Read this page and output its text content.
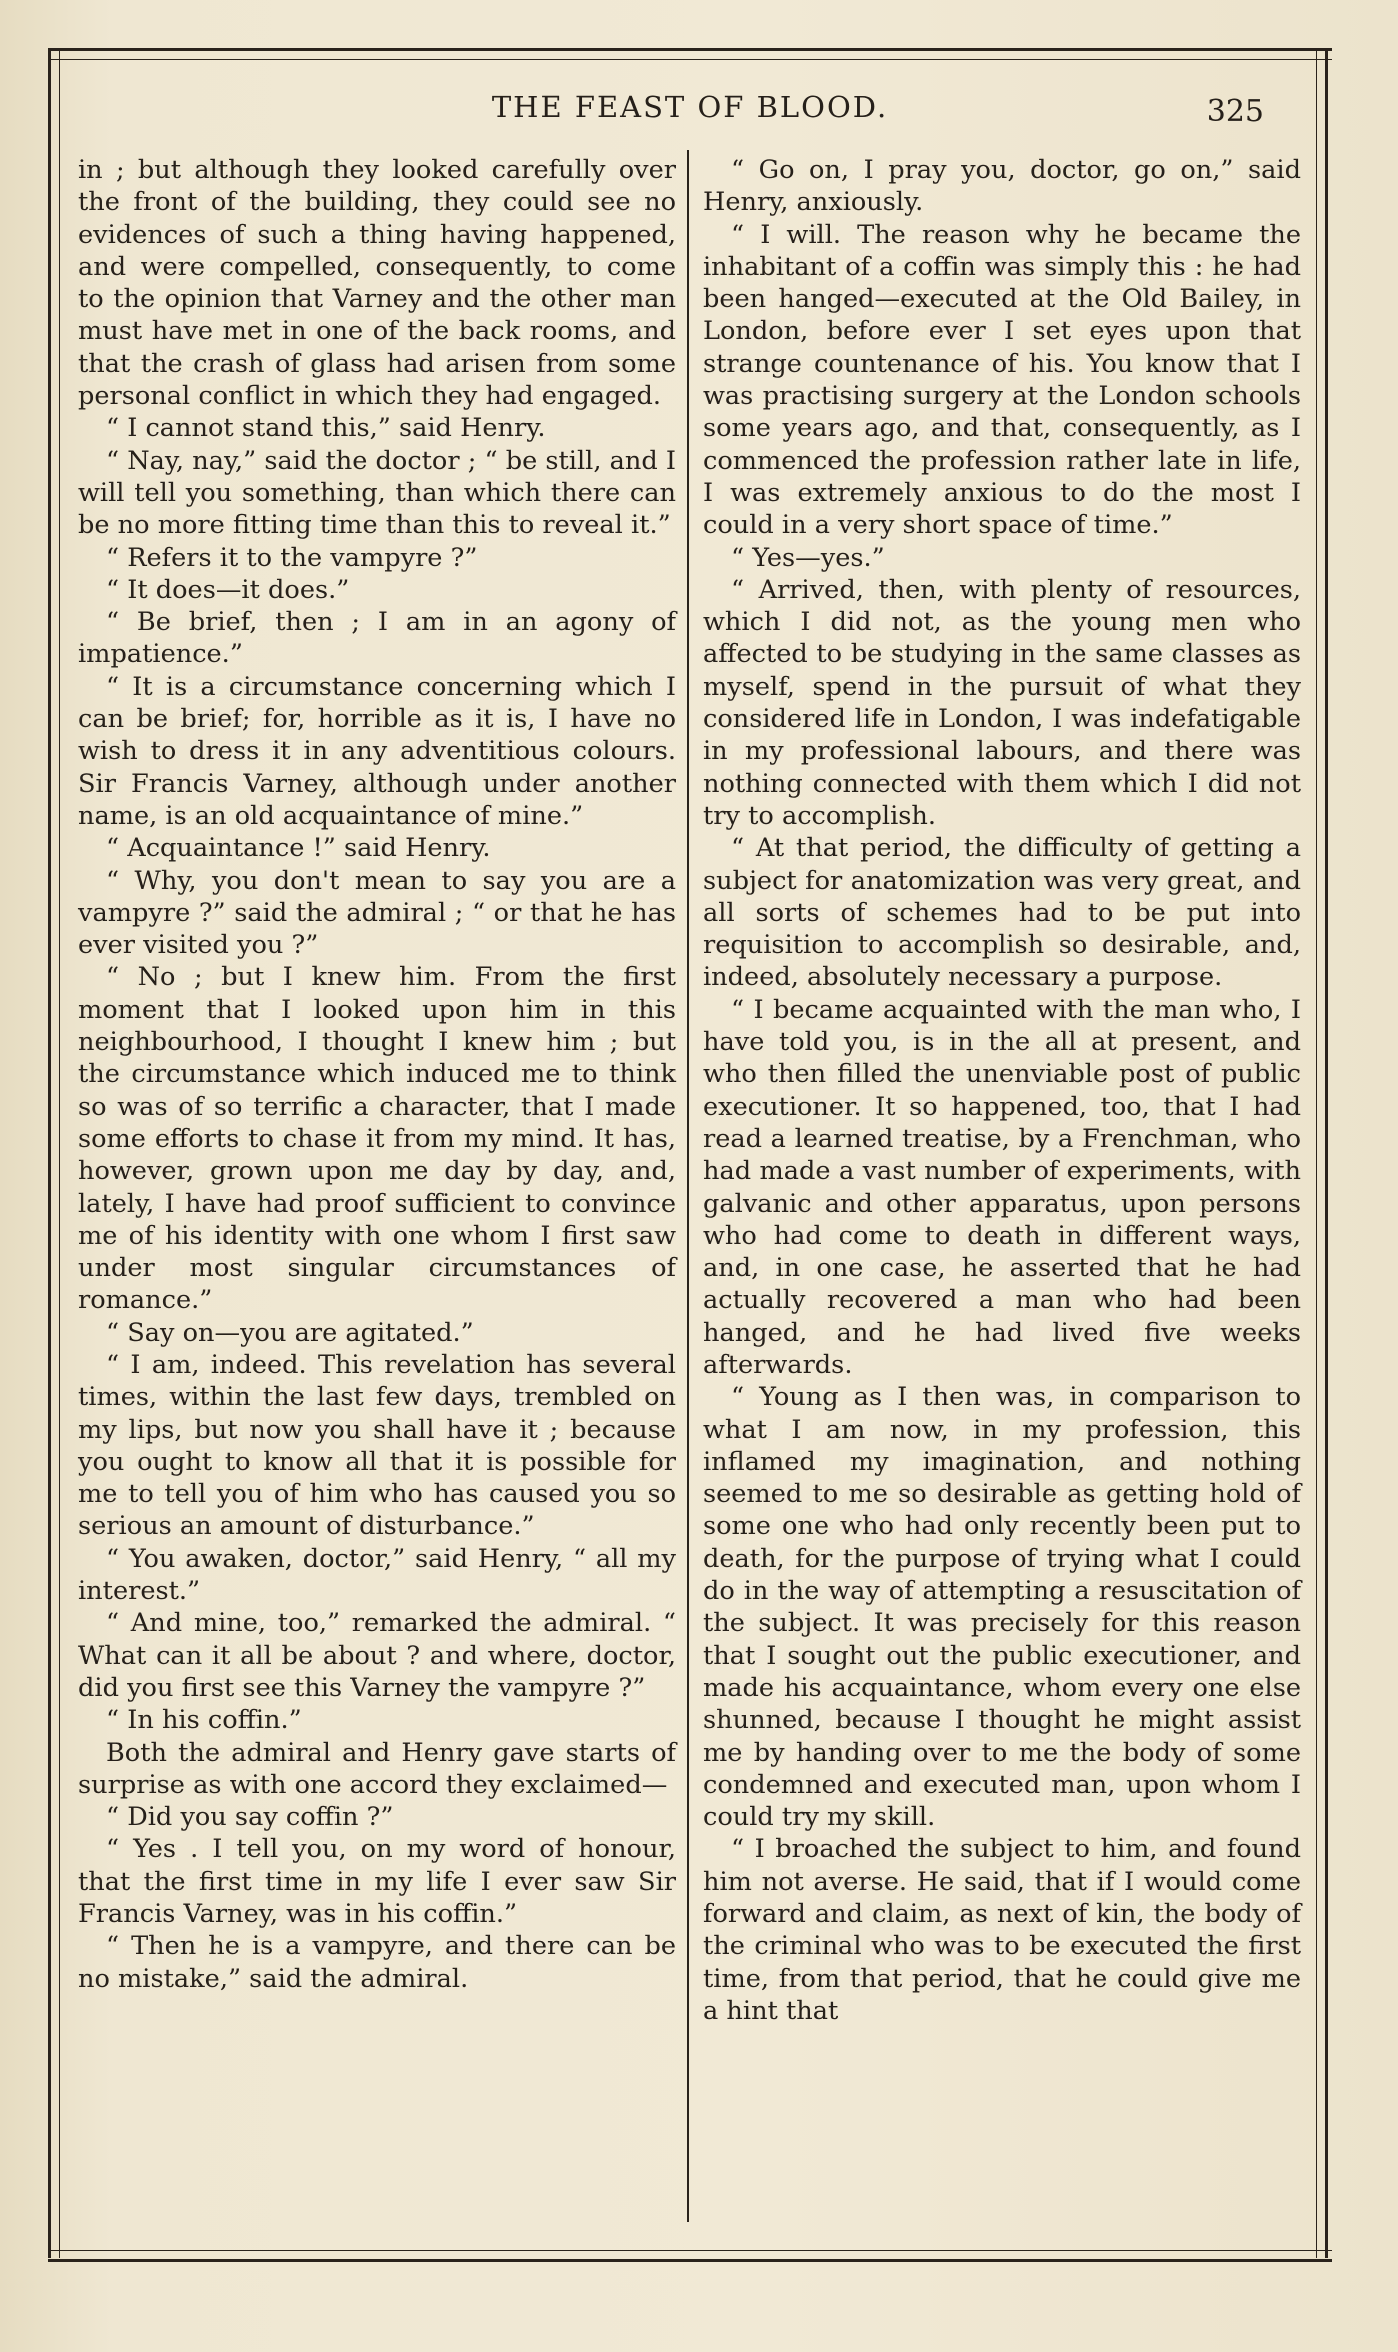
THE FEAST OF BLOOD.	325

in ; but although they looked carefully over the front of the building, they could see no evidences of such a thing having happened, and were compelled, consequently, to come to the opinion that Varney and the other man must have met in one of the back rooms, and that the crash of glass had arisen from some personal conflict in which they had engaged.

“ I cannot stand this,” said Henry.

“ Nay, nay,” said the doctor ; “ be still, and I will tell you something, than which there can be no more fitting time than this to reveal it.”

“ Refers it to the vampyre ?”

“ It does—it does.”

“ Be brief, then ; I am in an agony of impatience.”

“ It is a circumstance concerning which I can be brief; for, horrible as it is, I have no wish to dress it in any adventitious colours. Sir Francis Varney, although under another name, is an old acquaintance of mine.”

“ Acquaintance !” said Henry.

“ Why, you don't mean to say you are a vampyre ?” said the admiral ; “ or that he has ever visited you ?”

“ No ; but I knew him. From the first moment that I looked upon him in this neighbourhood, I thought I knew him ; but the circumstance which induced me to think so was of so terrific a character, that I made some efforts to chase it from my mind. It has, however, grown upon me day by day, and, lately, I have had proof sufficient to convince me of his identity with one whom I first saw under most singular circumstances of romance.”

“ Say on—you are agitated.”

“ I am, indeed. This revelation has several times, within the last few days, trembled on my lips, but now you shall have it ; because you ought to know all that it is possible for me to tell you of him who has caused you so serious an amount of disturbance.”

“ You awaken, doctor,” said Henry, “ all my interest.”

“ And mine, too,” remarked the admiral. “ What can it all be about ? and where, doctor, did you first see this Varney the vampyre ?”

“ In his coffin.”

Both the admiral and Henry gave starts of surprise as with one accord they exclaimed—

“ Did you say coffin ?”

“ Yes . I tell you, on my word of honour, that the first time in my life I ever saw Sir Francis Varney, was in his coffin.”

“ Then he is a vampyre, and there can be no mistake,” said the admiral.

“ Go on, I pray you, doctor, go on,” said Henry, anxiously.

“ I will. The reason why he became the inhabitant of a coffin was simply this : he had been hanged—executed at the Old Bailey, in London, before ever I set eyes upon that strange countenance of his. You know that I was practising surgery at the London schools some years ago, and that, consequently, as I commenced the profession rather late in life, I was extremely anxious to do the most I could in a very short space of time.”

“ Yes—yes.”

“ Arrived, then, with plenty of resources, which I did not, as the young men who affected to be studying in the same classes as myself, spend in the pursuit of what they considered life in London, I was indefatigable in my professional labours, and there was nothing connected with them which I did not try to accomplish.

“ At that period, the difficulty of getting a subject for anatomization was very great, and all sorts of schemes had to be put into requisition to accomplish so desirable, and, indeed, absolutely necessary a purpose.

“ I became acquainted with the man who, I have told you, is in the all at present, and who then filled the unenviable post of public executioner. It so happened, too, that I had read a learned treatise, by a Frenchman, who had made a vast number of experiments, with galvanic and other apparatus, upon persons who had come to death in different ways, and, in one case, he asserted that he had actually recovered a man who had been hanged, and he had lived five weeks afterwards.

“ Young as I then was, in comparison to what I am now, in my profession, this inflamed my imagination, and nothing seemed to me so desirable as getting hold of some one who had only recently been put to death, for the purpose of trying what I could do in the way of attempting a resuscitation of the subject. It was precisely for this reason that I sought out the public executioner, and made his acquaintance, whom every one else shunned, because I thought he might assist me by handing over to me the body of some condemned and executed man, upon whom I could try my skill.

“ I broached the subject to him, and found him not averse. He said, that if I would come forward and claim, as next of kin, the body of the criminal who was to be executed the first time, from that period, that he could give me a hint that
